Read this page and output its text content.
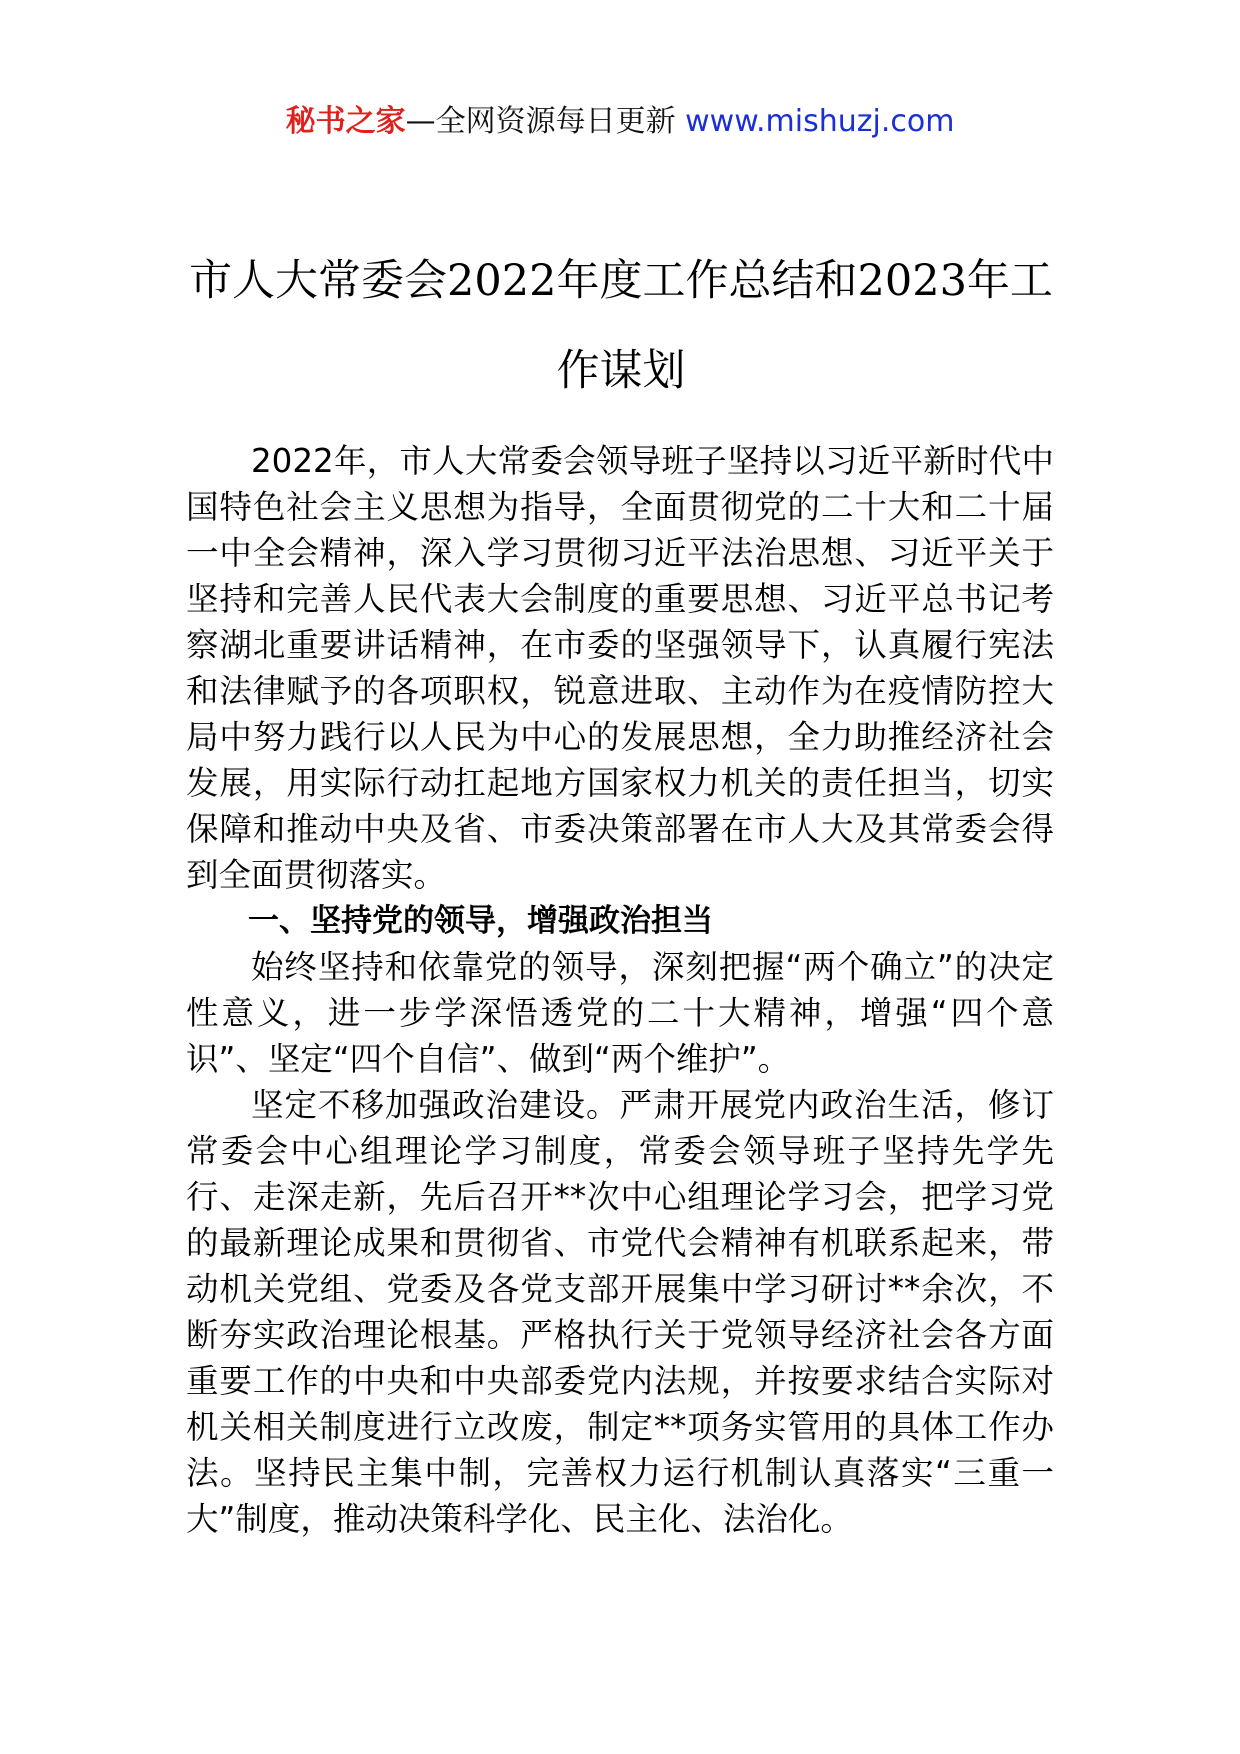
秘书之家—全网资源每日更新 www.mishuzj.com
市人大常委会2022年度工作总结和2023年工作谋划

2022年，市人大常委会领导班子坚持以习近平新时代中国特色社会主义思想为指导，全面贯彻党的二十大和二十届一中全会精神，深入学习贯彻习近平法治思想、习近平关于坚持和完善人民代表大会制度的重要思想、习近平总书记考察湖北重要讲话精神，在市委的坚强领导下，认真履行宪法和法律赋予的各项职权，锐意进取、主动作为在疫情防控大局中努力践行以人民为中心的发展思想，全力助推经济社会发展，用实际行动扛起地方国家权力机关的责任担当，切实保障和推动中央及省、市委决策部署在市人大及其常委会得到全面贯彻落实。

一、坚持党的领导，增强政治担当

始终坚持和依靠党的领导，深刻把握“两个确立”的决定性意义，进一步学深悟透党的二十大精神，增强“四个意识”、坚定“四个自信”、做到“两个维护”。

坚定不移加强政治建设。严肃开展党内政治生活，修订常委会中心组理论学习制度，常委会领导班子坚持先学先行、走深走新，先后召开**次中心组理论学习会，把学习党的最新理论成果和贯彻省、市党代会精神有机联系起来，带动机关党组、党委及各党支部开展集中学习研讨**余次，不断夯实政治理论根基。严格执行关于党领导经济社会各方面重要工作的中央和中央部委党内法规，并按要求结合实际对机关相关制度进行立改废，制定**项务实管用的具体工作办法。坚持民主集中制，完善权力运行机制认真落实“三重一大”制度，推动决策科学化、民主化、法治化。
